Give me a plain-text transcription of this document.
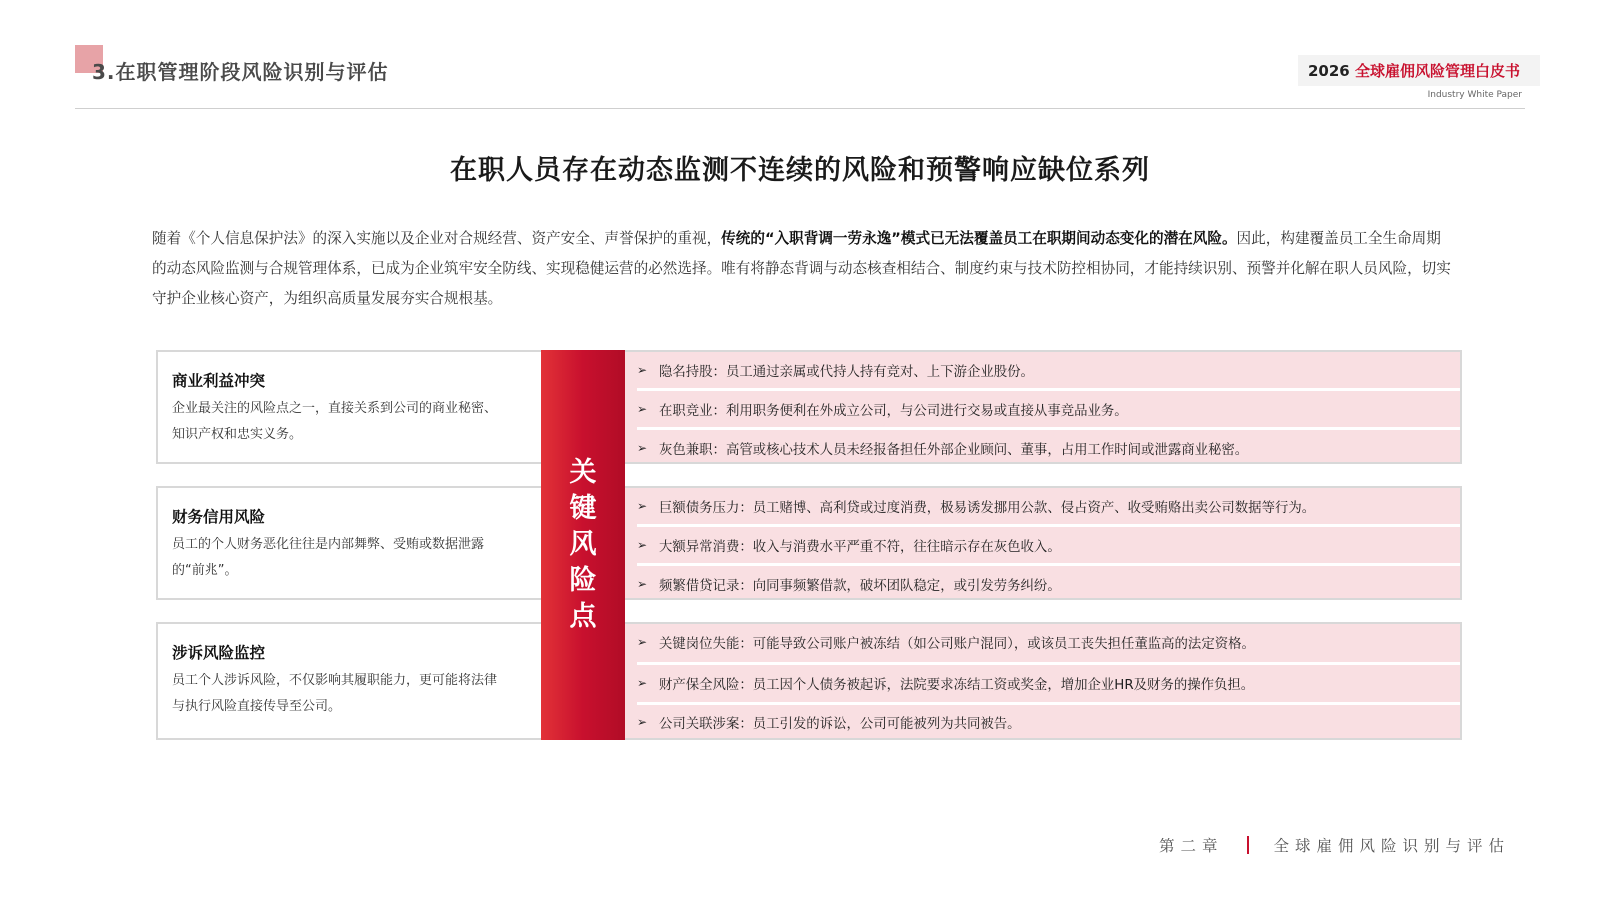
3.在职管理阶段风险识别与评估	2026 全球雇佣风险管理白皮书
Industry White Paper
在职人员存在动态监测不连续的风险和预警响应缺位系列
随着《个人信息保护法》的深入实施以及企业对合规经营、资产安全、声誉保护的重视，传统的“入职背调一劳永逸”模式已无法覆盖员工在职期间动态变化的潜在风险。因此，构建覆盖员工全生命周期的动态风险监测与合规管理体系，已成为企业筑牢安全防线、实现稳健运营的必然选择。唯有将静态背调与动态核查相结合、制度约束与技术防控相协同，才能持续识别、预警并化解在职人员风险，切实守护企业核心资产，为组织高质量发展夯实合规根基。
商业利益冲突
企业最关注的风险点之一，直接关系到公司的商业秘密、知识产权和忠实义务。
➢ 隐名持股：员工通过亲属或代持人持有竞对、上下游企业股份。
➢ 在职竞业：利用职务便利在外成立公司，与公司进行交易或直接从事竞品业务。
➢ 灰色兼职：高管或核心技术人员未经报备担任外部企业顾问、董事，占用工作时间或泄露商业秘密。
财务信用风险
员工的个人财务恶化往往是内部舞弊、受贿或数据泄露的“前兆”。
➢ 巨额债务压力：员工赌博、高利贷或过度消费，极易诱发挪用公款、侵占资产、收受贿赂出卖公司数据等行为。
➢ 大额异常消费：收入与消费水平严重不符，往往暗示存在灰色收入。
➢ 频繁借贷记录：向同事频繁借款，破坏团队稳定，或引发劳务纠纷。
涉诉风险监控
员工个人涉诉风险，不仅影响其履职能力，更可能将法律与执行风险直接传导至公司。
➢ 关键岗位失能：可能导致公司账户被冻结（如公司账户混同），或该员工丧失担任董监高的法定资格。
➢ 财产保全风险：员工因个人债务被起诉，法院要求冻结工资或奖金，增加企业HR及财务的操作负担。
➢ 公司关联涉案：员工引发的诉讼，公司可能被列为共同被告。
关
键
风
险
点
第二章	全球雇佣风险识别与评估
